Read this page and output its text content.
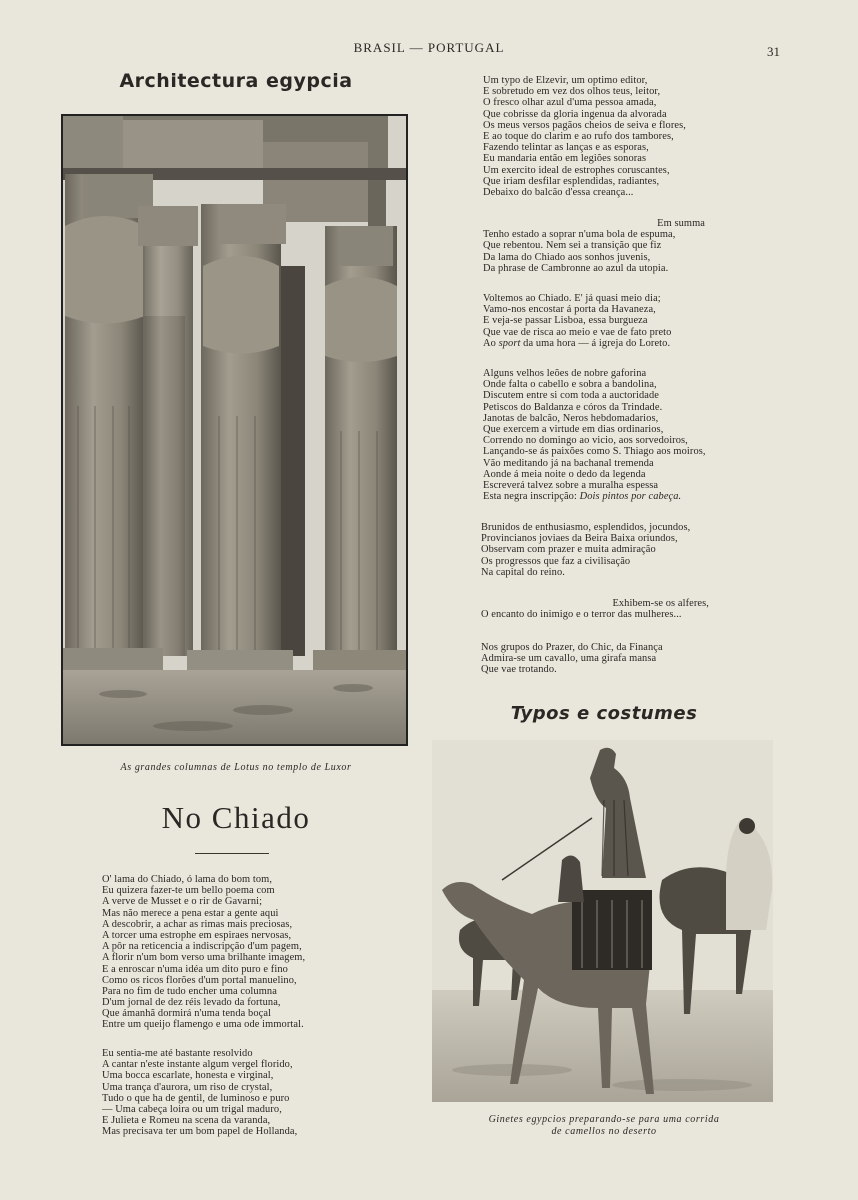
BRASIL — PORTUGAL	31
Architectura egypcia
As grandes columnas de Lotus no templo de Luxor
No Chiado
O' lama do Chiado, ó lama do bom tom,
Eu quizera fazer-te um bello poema com
A verve de Musset e o rir de Gavarni;
Mas não merece a pena estar a gente aqui
A descobrir, a achar as rimas mais preciosas,
A torcer uma estrophe em espiraes nervosas,
A pôr na reticencia a indiscripção d'um pagem,
A florir n'um bom verso uma brilhante imagem,
E a enroscar n'uma idéa um dito puro e fino
Como os ricos florões d'um portal manuelino,
Para no fim de tudo encher uma columna
D'um jornal de dez réis levado da fortuna,
Que ámanhã dormirá n'uma tenda boçal
Entre um queijo flamengo e uma ode immortal.
Eu sentia-me até bastante resolvido
A cantar n'este instante algum vergel florido,
Uma bocca escarlate, honesta e virginal,
Uma trança d'aurora, um riso de crystal,
Tudo o que ha de gentil, de luminoso e puro
— Uma cabeça loira ou um trigal maduro,
E Julieta e Romeu na scena da varanda,
Mas precisava ter um bom papel de Hollanda,
Um typo de Elzevir, um optimo editor,
E sobretudo em vez dos olhos teus, leitor,
O fresco olhar azul d'uma pessoa amada,
Que cobrisse da gloria ingenua da alvorada
Os meus versos pagãos cheios de seiva e flores,
E ao toque do clarim e ao rufo dos tambores,
Fazendo telintar as lanças e as esporas,
Eu mandaria então em legiões sonoras
Um exercito ideal de estrophes coruscantes,
Que iriam desfilar esplendidas, radiantes,
Debaixo do balcão d'essa creança...
Em summa
Tenho estado a soprar n'uma bola de espuma,
Que rebentou. Nem sei a transição que fiz
Da lama do Chiado aos sonhos juvenis,
Da phrase de Cambronne ao azul da utopia.
Voltemos ao Chiado. E' já quasi meio dia;
Vamo-nos encostar á porta da Havaneza,
E veja-se passar Lisboa, essa burgueza
Que vae de risca ao meio e vae de fato preto
Ao sport da uma hora — á igreja do Loreto.
Alguns velhos leões de nobre gaforina
Onde falta o cabello e sobra a bandolina,
Discutem entre si com toda a auctoridade
Petiscos do Baldanza e córos da Trindade.
Janotas de balcão, Neros hebdomadarios,
Que exercem a virtude em dias ordinarios,
Correndo no domingo ao vicio, aos sorvedoiros,
Lançando-se ás paixões como S. Thiago aos moiros,
Vão meditando já na bachanal tremenda
Aonde á meia noite o dedo da legenda
Escreverá talvez sobre a muralha espessa
Esta negra inscripção: Dois pintos por cabeça.
Brunidos de enthusiasmo, esplendidos, jocundos,
Provincianos joviaes da Beira Baixa oriundos,
Observam com prazer e muita admiração
Os progressos que faz a civilisação
Na capital do reino.
Exhibem-se os alferes,
O encanto do inimigo e o terror das mulheres...
Nos grupos do Prazer, do Chic, da Finança
Admira-se um cavallo, uma girafa mansa
Que vae trotando.
Typos e costumes
Ginetes egypcios preparando-se para uma corrida
de camellos no deserto
